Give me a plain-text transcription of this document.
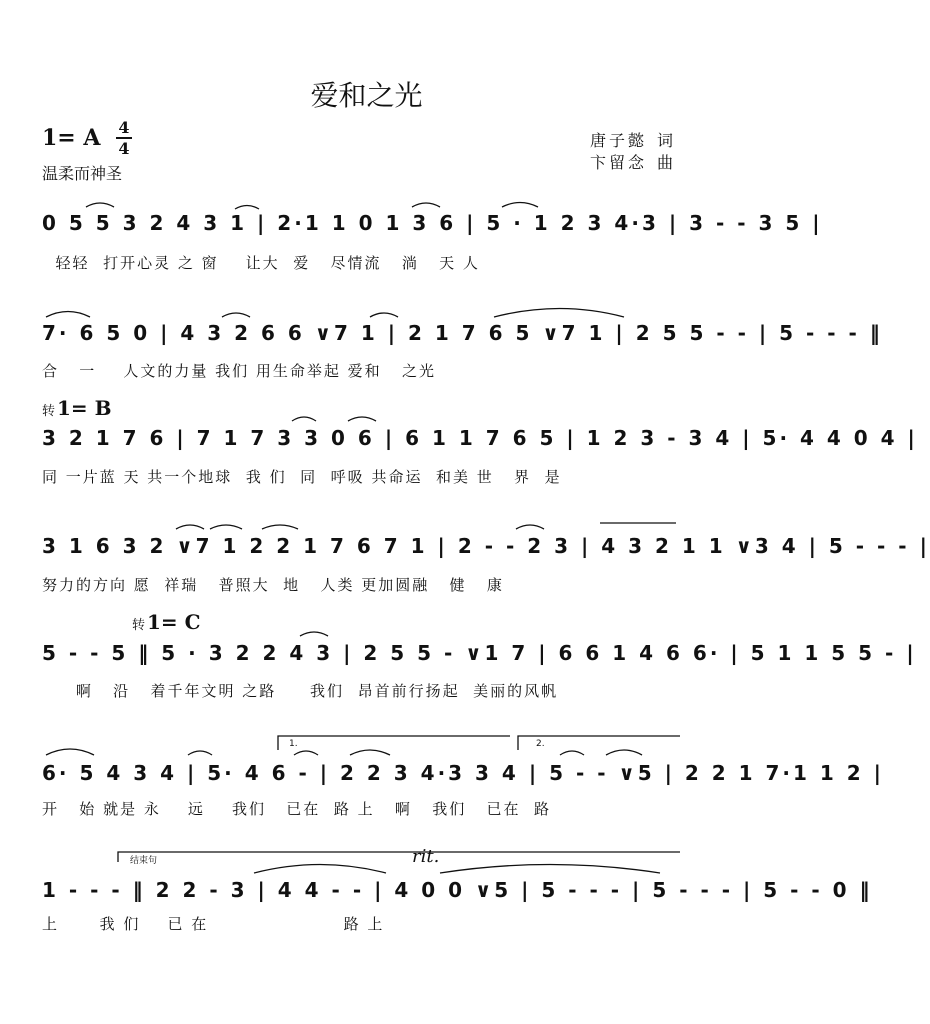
爱和之光
1= A 4
4
温柔而神圣
唐子懿 词
卞留念 曲
0 5 5 3 2 4 3 1 | 2·1 1 0 1 3 6 | 5 · 1 2 3 4·3 | 3 - - 3 5 |
轻轻  打开心灵 之 窗    让大  爱   尽情流   淌   天 人
7· 6 5 0 | 4 3 2 6 6 ∨7 1 | 2 1 7 6 5 ∨7 1 | 2 5 5 - - | 5 - - - ‖
合   一    人文的力量 我们 用生命举起 爱和   之光
转 1= B
3 2 1 7 6 | 7 1 7 3 3 0 6 | 6 1 1 7 6 5 | 1 2 3 - 3 4 | 5· 4 4 0 4 |
同 一片蓝 天 共一个地球  我 们  同  呼吸 共命运  和美 世   界  是
3 1 6 3 2 ∨7 1 2 2 1 7 6 7 1 | 2 - - 2 3 | 4 3 2 1 1 ∨3 4 | 5 - - - |
努力的方向 愿  祥瑞   普照大  地   人类 更加圆融   健   康
转 1= C
5 - - 5 ‖ 5 · 3 2 2 4 3 | 2 5 5 - ∨1 7 | 6 6 1 4 6 6· | 5 1 1 5 5 - |
啊   沿   着千年文明 之路     我们  昂首前行扬起  美丽的风帆
6· 5 4 3 4 | 5· 4 6 - | 2 2 3 4·3 3 4 | 5 - - ∨5 | 2 2 1 7·1 1 2 |
开   始 就是 永    远    我们   已在  路 上   啊   我们   已在  路
1.	2.
结束句	rit.
1 - - - ‖ 2 2 - 3 | 4 4 - - | 4 0 0 ∨5 | 5 - - - | 5 - - - | 5 - - 0 ‖
上      我 们    已 在                    路 上
